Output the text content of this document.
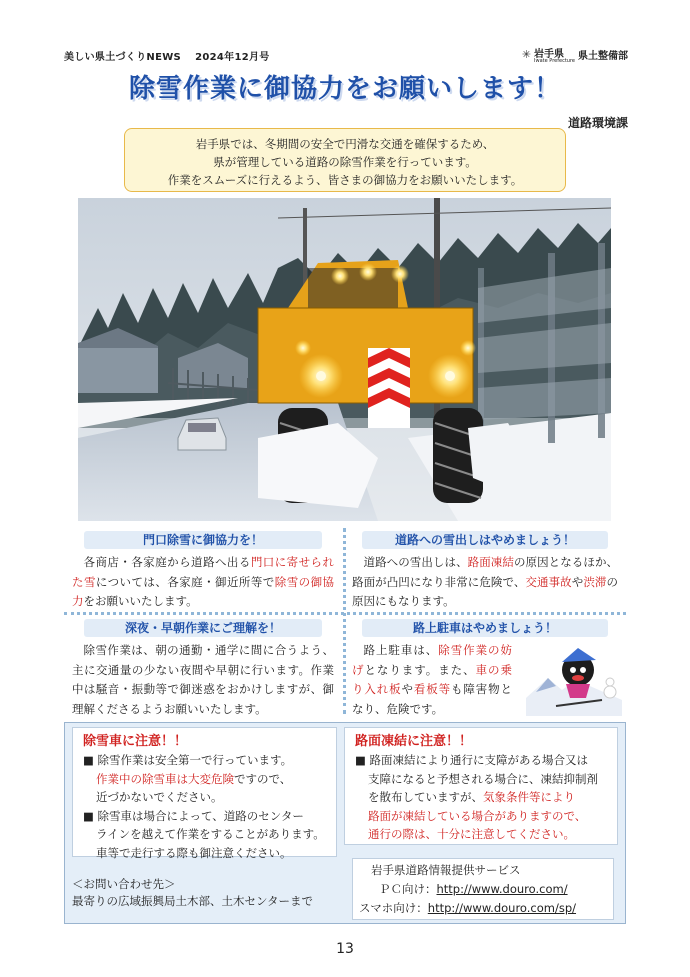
美しい県土づくりNEWS　 2024年12月号	✳ 岩手県
Iwate Prefecture 県土整備部
除雪作業に御協力をお願いします！
道路環境課
岩手県では、冬期間の安全で円滑な交通を確保するため、
県が管理している道路の除雪作業を行っています。
作業をスムーズに行えるよう、皆さまの御協力をお願いいたします。
門口除雪に御協力を！
各商店・各家庭から道路へ出る門口に寄せられた雪については、各家庭・御近所等で除雪の御協力をお願いいたします。
道路への雪出しはやめましょう！
道路への雪出しは、路面凍結の原因となるほか、路面が凸凹になり非常に危険で、交通事故や渋滞の原因にもなります。
深夜・早朝作業にご理解を！
除雪作業は、朝の通勤・通学に間に合うよう、主に交通量の少ない夜間や早朝に行います。作業中は騒音・振動等で御迷惑をおかけしますが、御理解くださるようお願いいたします。
路上駐車はやめましょう！
路上駐車は、除雪作業の妨げとなります。また、車の乗り入れ板や看板等も障害物となり、危険です。
除雪車に注意！！
■ 除雪作業は安全第一で行っています。
作業中の除雪車は大変危険ですので、
近づかないでください。
■ 除雪車は場合によって、道路のセンター
ラインを越えて作業をすることがあります。
車等で走行する際も御注意ください。
路面凍結に注意！！
■ 路面凍結により通行に支障がある場合又は
支障になると予想される場合に、凍結抑制剤
を散布していますが、気象条件等により
路面が凍結している場合がありますので、
通行の際は、十分に注意してください。
＜お問い合わせ先＞
最寄りの広域振興局土木部、土木センターまで
岩手県道路情報提供サービス
ＰＣ向け：http://www.douro.com/
スマホ向け：http://www.douro.com/sp/
13
